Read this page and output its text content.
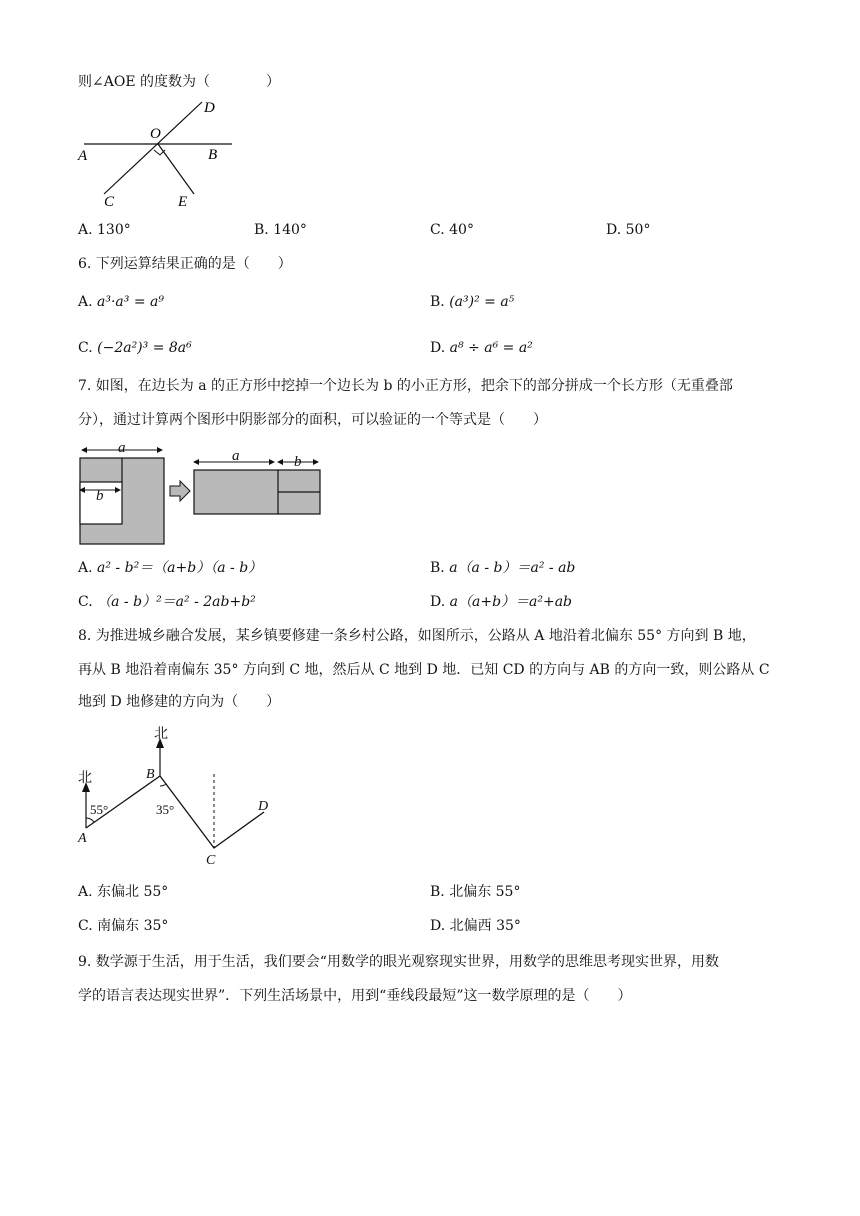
则∠AOE 的度数为（　　　　）
A	B
C
D
E
O
A. 130°	B. 140°	C. 40°	D. 50°
6. 下列运算结果正确的是（　　）
A. a³·a³ = a⁹	B. (a³)² = a⁵
C. (−2a²)³ = 8a⁶	D. a⁸ ÷ a⁶ = a²
7. 如图，在边长为 a 的正方形中挖掉一个边长为 b 的小正方形，把余下的部分拼成一个长方形（无重叠部
分），通过计算两个图形中阴影部分的面积，可以验证的一个等式是（　　）
a
b
a	b
A. a² - b²＝（a+b）（a - b）	B. a（a - b）＝a² - ab
C. （a - b）²＝a² - 2ab+b²	D. a（a+b）＝a²+ab
8. 为推进城乡融合发展，某乡镇要修建一条乡村公路，如图所示，公路从 A 地沿着北偏东 55° 方向到 B 地，
再从 B 地沿着南偏东 35° 方向到 C 地，然后从 C 地到 D 地．已知 CD 的方向与 AB 的方向一致，则公路从 C
地到 D 地修建的方向为（　　）
北
北
55°	35°
A
B
C
D
A. 东偏北 55°	B. 北偏东 55°
C. 南偏东 35°	D. 北偏西 35°
9. 数学源于生活，用于生活，我们要会“用数学的眼光观察现实世界，用数学的思维思考现实世界，用数
学的语言表达现实世界”．下列生活场景中，用到“垂线段最短”这一数学原理的是（　　）
